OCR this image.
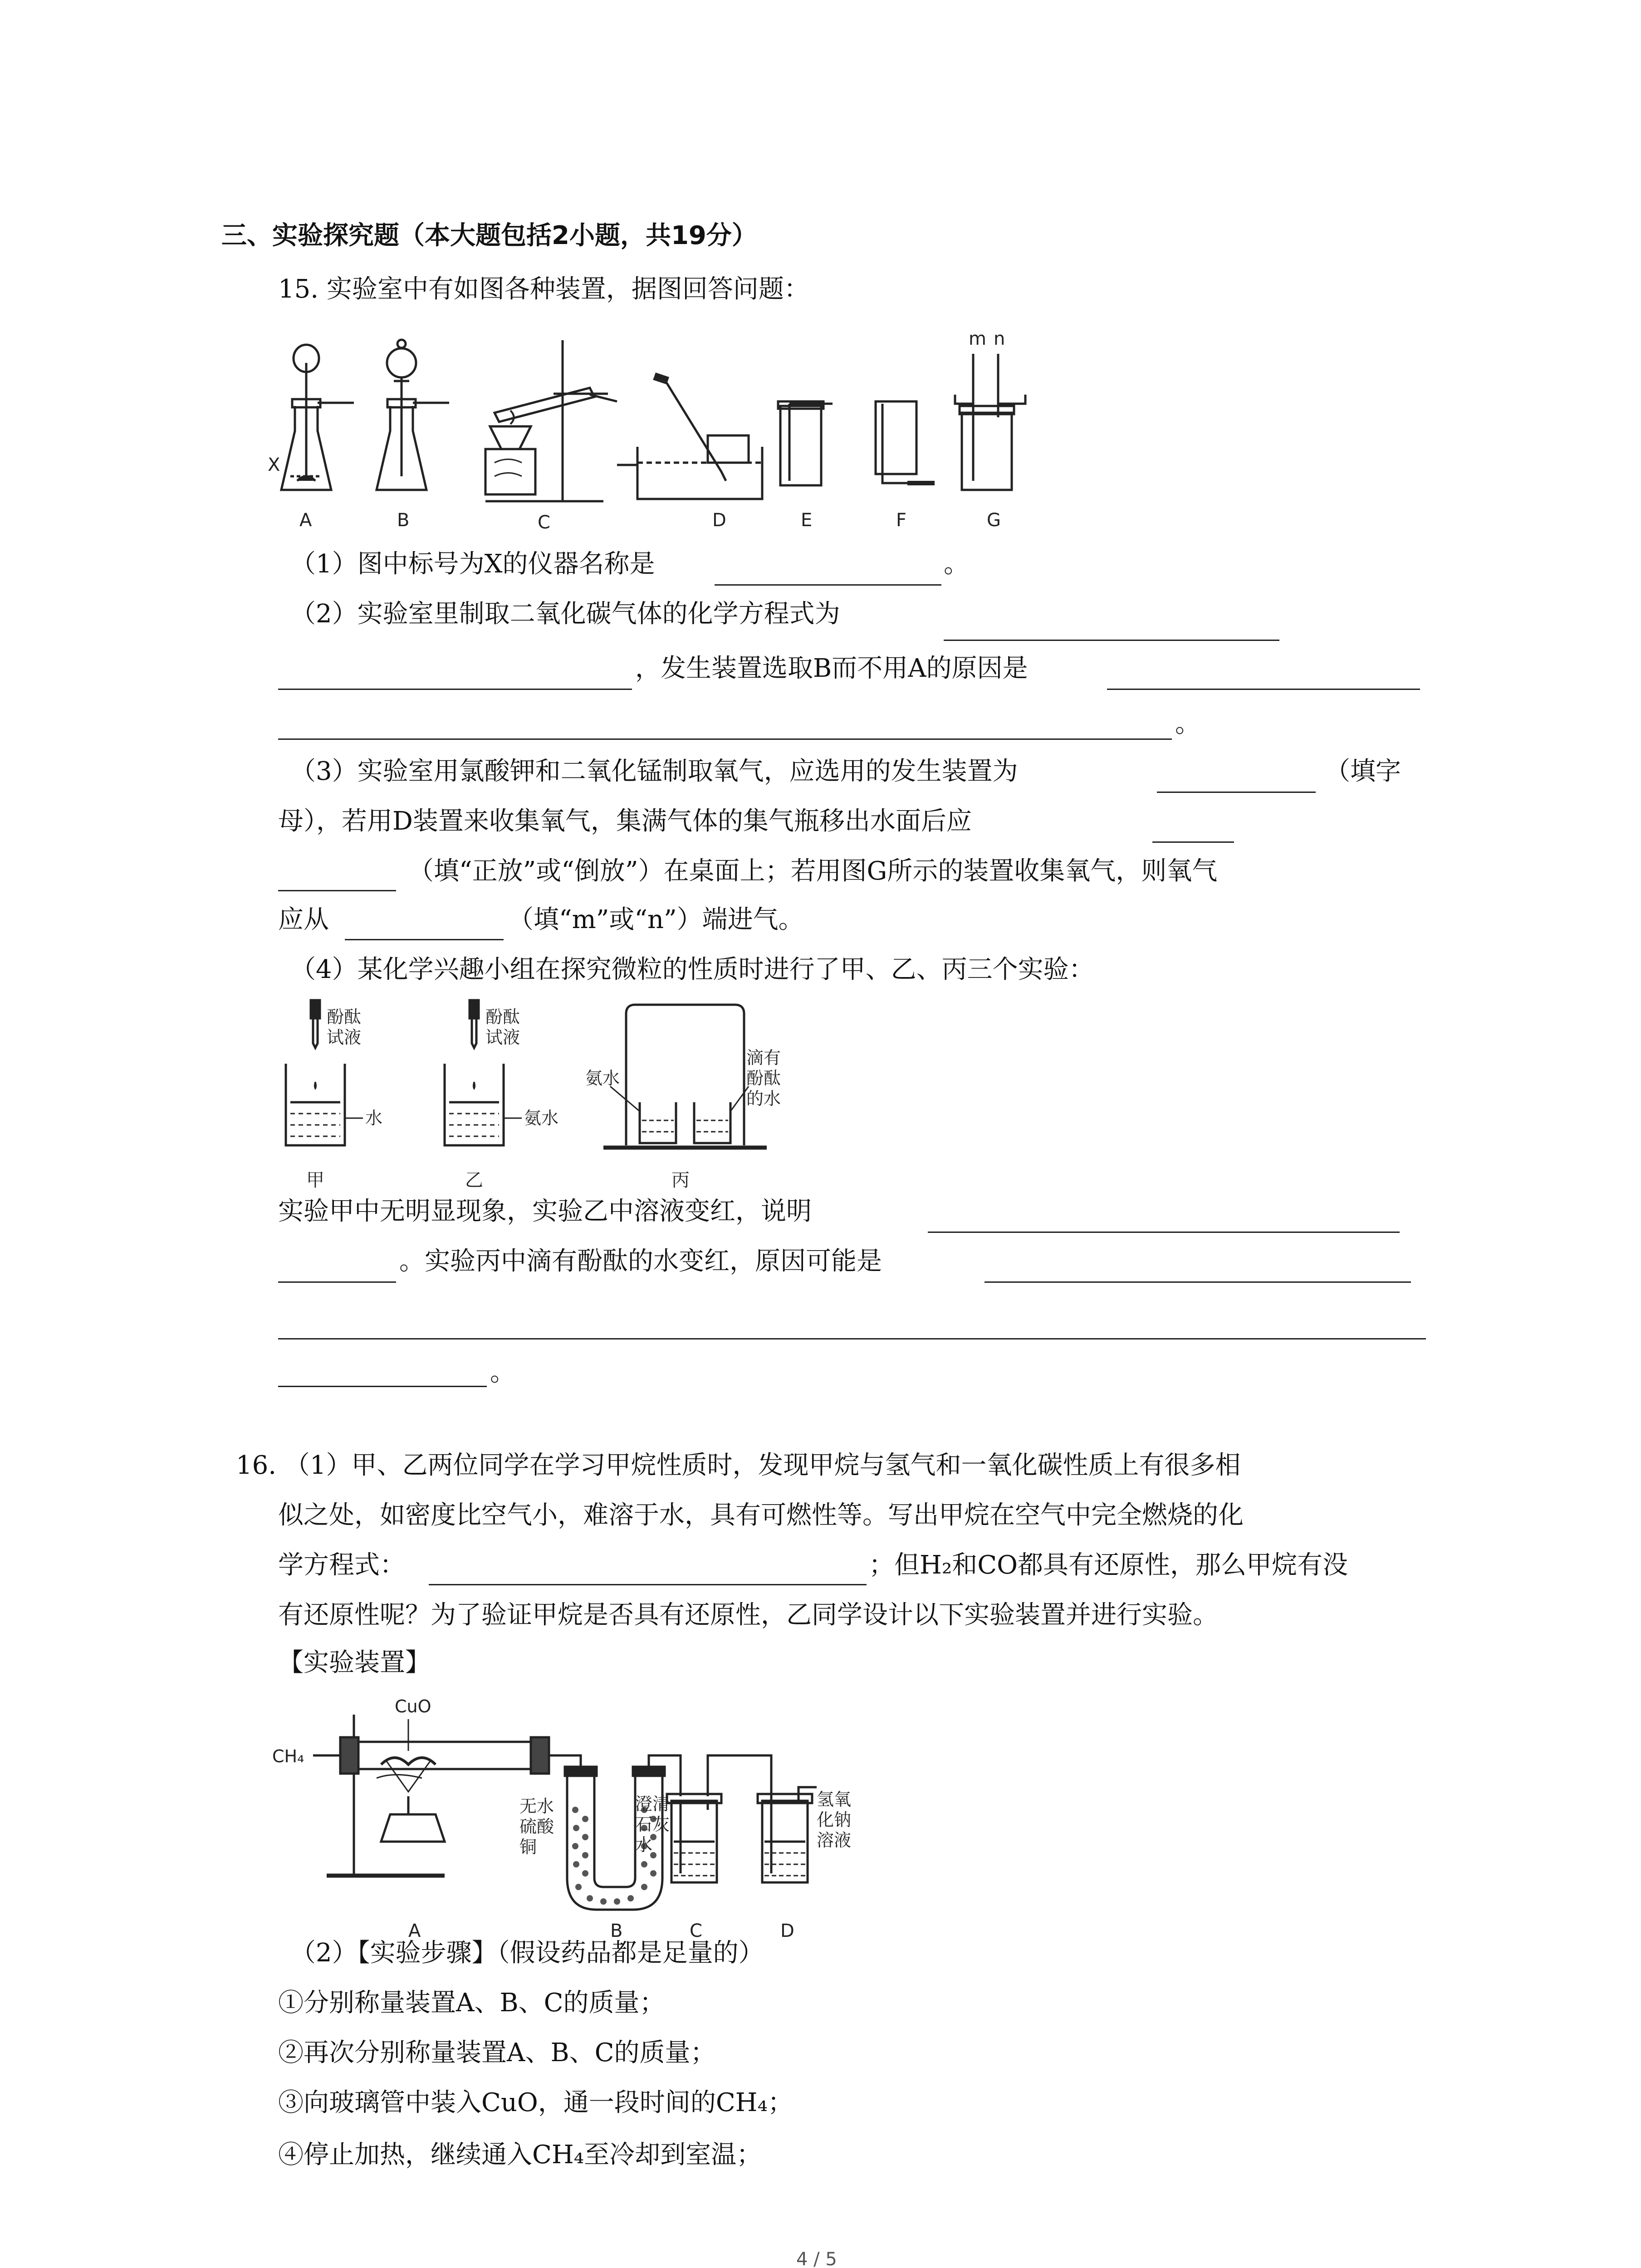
三、实验探究题（本大题包括2小题，共19分）
15. 实验室中有如图各种装置，据图回答问题：
X
A	B	C	D	E	F	G
m n
（1）图中标号为X的仪器名称是	。
（2）实验室里制取二氧化碳气体的化学方程式为
，发生装置选取B而不用A的原因是
。
（3）实验室用氯酸钾和二氧化锰制取氧气，应选用的发生装置为	（填字
母），若用D装置来收集氧气，集满气体的集气瓶移出水面后应
（填“正放”或“倒放”）在桌面上；若用图G所示的装置收集氧气，则氧气
应从	（填“m”或“n”）端进气。
（4）某化学兴趣小组在探究微粒的性质时进行了甲、乙、丙三个实验：
酚酞
试液
水
酚酞
试液
氨水
氨水
滴有
酚酞
的水
甲	乙	丙
实验甲中无明显现象，实验乙中溶液变红，说明
。实验丙中滴有酚酞的水变红，原因可能是
。
16. （1）甲、乙两位同学在学习甲烷性质时，发现甲烷与氢气和一氧化碳性质上有很多相
似之处，如密度比空气小，难溶于水，具有可燃性等。写出甲烷在空气中完全燃烧的化
学方程式：	；但H₂和CO都具有还原性，那么甲烷有没
有还原性呢？为了验证甲烷是否具有还原性，乙同学设计以下实验装置并进行实验。
【实验装置】
CH₄
CuO
无水
硫酸
铜
澄清
石灰
水
氢氧
化钠
溶液
A	B	C	D
（2）【实验步骤】（假设药品都是足量的）
①分别称量装置A、B、C的质量；
②再次分别称量装置A、B、C的质量；
③向玻璃管中装入CuO，通一段时间的CH₄；
④停止加热，继续通入CH₄至冷却到室温；
4 / 5
